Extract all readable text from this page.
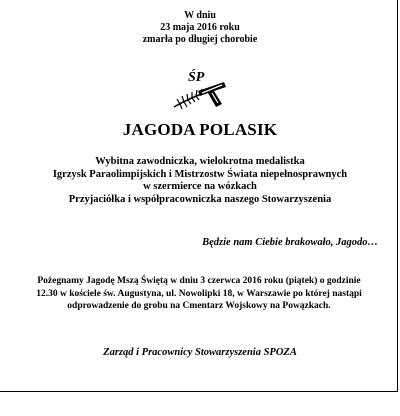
W dniu
23 maja 2016 roku
zmarła po długiej chorobie
ŚP
JAGODA POLASIK
Wybitna zawodniczka, wielokrotna medalistka
Igrzysk Paraolimpijskich i Mistrzostw Świata niepełnosprawnych
w szermierce na wózkach
Przyjaciółka i współpracowniczka naszego Stowarzyszenia
Będzie nam Ciebie brakowało, Jagodo…
Pożegnamy Jagodę Mszą Świętą w dniu 3 czerwca 2016 roku (piątek) o godzinie
12.30 w kościele św. Augustyna, ul. Nowolipki 18, w Warszawie po której nastąpi
odprowadzenie do grobu na Cmentarz Wojskowy na Powązkach.
Zarząd i Pracownicy Stowarzyszenia SPOZA
